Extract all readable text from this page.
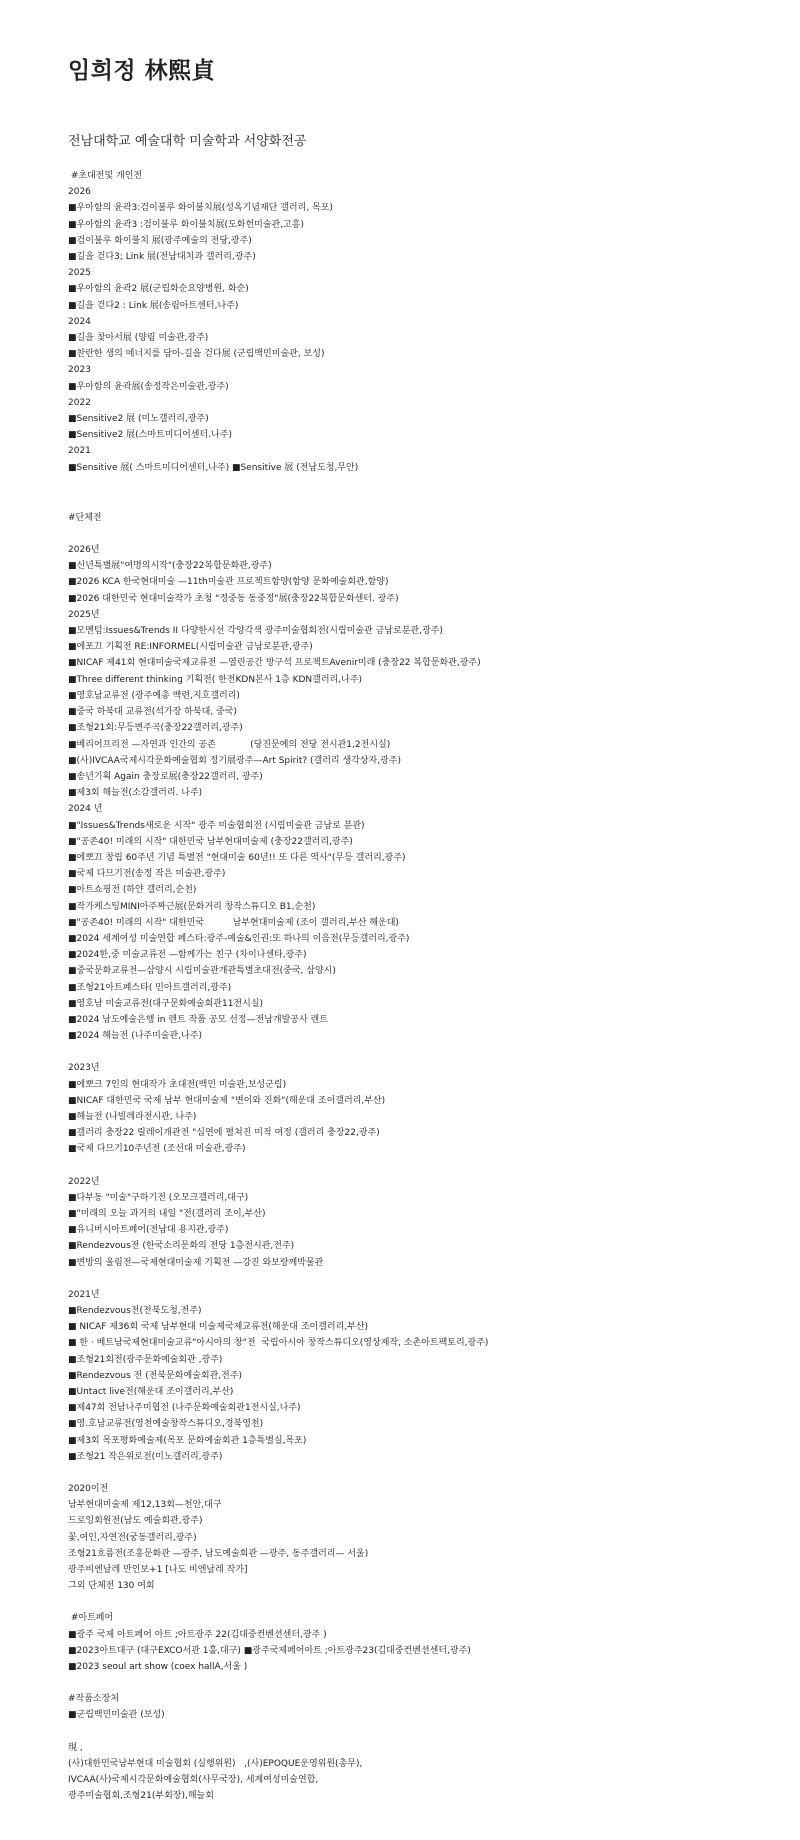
임희정 林熙貞
전남대학교 예술대학 미술학과 서양화전공
#초대전및 개인전
2026
■우아함의 윤곽3:검이불루 화이불치展(성옥기념재단 갤러리, 목포)
■우아함의 윤곽3 :검이불루 화이불치展(도화헌미술관,고흥)
■검이불루 화이불치 展(광주예술의 전당,광주)
■길을 걷다3; Link 展(전남대치과 갤러리,광주)
2025
■우아함의 윤곽2 展(군립화순요양병원, 화순)
■길을 걷다2 : Link 展(송림아트센터,나주)
2024
■길을 찾아서展 (양림 미술관,광주)
■찬란한 생의 에너지를 담아-길을 걷다展 (군립백민미술관, 보성)
2023
■우아함의 윤곽展(송정작은미술관,광주)
2022
■Sensitive2 展 (미노갤러리,광주)
■Sensitive2 展(스마트미디어센터.나주)
2021
■Sensitive 展( 스마트미디어센터,나주) ■Sensitive 展 (전남도청,무안)
#단체전
2026년
■신년특별展"여명의시작"(충장22복합문화관,광주)
■2026 KCA 한국현대미술 —11th미술관 프로젝트함양(함양 문화예술회관,함양)
■2026 대한민국 현대미술작가 초청 "정중동 동중정"展(충장22복합문화센터. 광주)
2025년
■모멘텀:Issues&Trends II 다양한시선 각양각색 광주미술협회전(시립미술관 금남로분관,광주)
■에포끄 기획전 RE:INFORMEL(시립미술관 금남로분관,광주)
■NICAF 제41회 현대미술국제교류전 —열린공간 방구석 프로젝트Avenir미래 (충장22 복합문화관,광주)
■Three different thinking 기획전( 한전KDN본사 1층 KDN갤러리,나주)
■영호남교류전 (광주예총 백련,지호갤러리)
■중국 하북대 교류전(석가장 하북대, 중국)
■조형21회:무등변주곡(충장22갤러리,광주)
■베리어프리전 —자연과 인간의 공존            (당진문예의 전당 전시관1,2전시실)
■(사)IVCAA국제시각문화예술협회 정기展광주—Art Spirit? (갤러리 생각상자,광주)
■송년기획 Again 충장로展(충장22갤러리, 광주)
■제3회 해늘전(소감갤러리. 나주)
2024 년
■"Issues&Trends새로운 시작" 광주 미술협회전 (시립미술관 금남로 분관)
■"공존40! 미래의 시작" 대한민국 남부현대미술제 (충장22갤러리,광주)
■에뽀끄 창립 60주년 기념 특별전 "현대미술 60년!! 또 다른 역사"(무등 갤러리,광주)
■국제 다므기전(송정 작은 미술관,광주)
■아트쇼핑전 (하얀 갤러리,순천)
■작가케스팅MINI아주짜근展(문화거리 창작스튜디오 B1,순천)
■"공존40! 미래의 시작" 대한민국          남부현대미술제 (조이 갤러리,부산 해운대)
■2024 세계여성 미술연합 페스타:광주-예술&인권:또 하나의 이음전(무등갤러리,광주)
■2024한,중 미술교류전 —함께가는 친구 (차이나센타,광주)
■중국문화교류전—삼양시 시립미술관개관특별초대전(중국, 삼양시)
■조형21아트페스타( 민아트갤러리,광주)
■영호남 미술교류전(대구문화예술회관11전시실)
■2024 남도예술은행 in 렌트 작품 공모 선정—전남개발공사 렌트
■2024 해늘전 (나주미술관,나주)
2023년
■에뽀크 7인의 현대작가 초대전(백민 미술관,보성군립)
■NICAF 대한민국 국제 남부 현대미술제 "변이와 진화"(해운대 조이갤러리,부산)
■해늘전 (나빌레라전시관, 나주)
■갤러리 충장22 릴레이개관전 "심연에 펼쳐진 미적 여정 (갤러리 충장22,광주)
■국제 다므기10주년전 (조선대 미술관,광주)
2022년
■다부동 "미술"구하기전 (오모크갤러리,대구)
■"미래의 오늘 과거의 내일 "전(갤러리 조이,부산)
■유니버시아트페어(전남대 용지관,광주)
■Rendezvous전 (한국소리문화의 전당 1층전시관,전주)
■변방의 울림전—국제현대미술제 기획전 —강진 와보랑께박물관
2021년
■Rendezvous전(전북도청,전주)
■ NICAF 제36회 국제 남부현대 미술제국제교류전(해운대 조이갤러리,부산)
■ 한 · 베트남국제현대미술교류"아시아의 창"전  국립아시아 창작스튜디오(영상제작, 소촌아트팩토리,광주)
■조형21회전(광주문화예술회관 ,광주)
■Rendezvous 전 (전북문화예술회관,전주)
■Untact live전(해운대 조이갤러리,부산)
■제47회 전남나주미협전 (나주문화예술회관1전시실,나주)
■영.호남교류전(영천예술창작스튜디오,경북영천)
■제3회 목포평화예술제(목포 문화예술회관 1층특별실,목포)
■조형21 작은위로전(미노갤러리,광주)
2020이전
남부현대미술제 제12,13회—천안,대구
드로잉회원전(남도 예술회관,광주)
꽃,여인,자연전(궁동갤러리,광주)
조형21흐름전(조흥문화관 —광주, 남도예술회관 —광주, 동주갤러리— 서울)
광주비엔날레 만인보+1 [나도 비엔날레 작가]
그외 단체전 130 여회
#아트페어
■광주 국제 아트페어 아트 ;아트광주 22(김대중컨벤션센터,광주 )
■2023아트대구 (대구EXCO서관 1홀,대구) ■광주국제페어아트 ;아트광주23(김대중컨벤션센터,광주)
■2023 seoul art show (coex hallA,서울 )
#작품소장처
■군립백민미술관 (보성)
現 ,
(사)대한민국남부현대 미술협회 (실행위원)   ,(사)EPOQUE운영위원(총무),
IVCAA(사)국제시각문화예술협회(사무국장), 세계여성미술연합,
광주미술협회,조형21(부회장),해늘회
